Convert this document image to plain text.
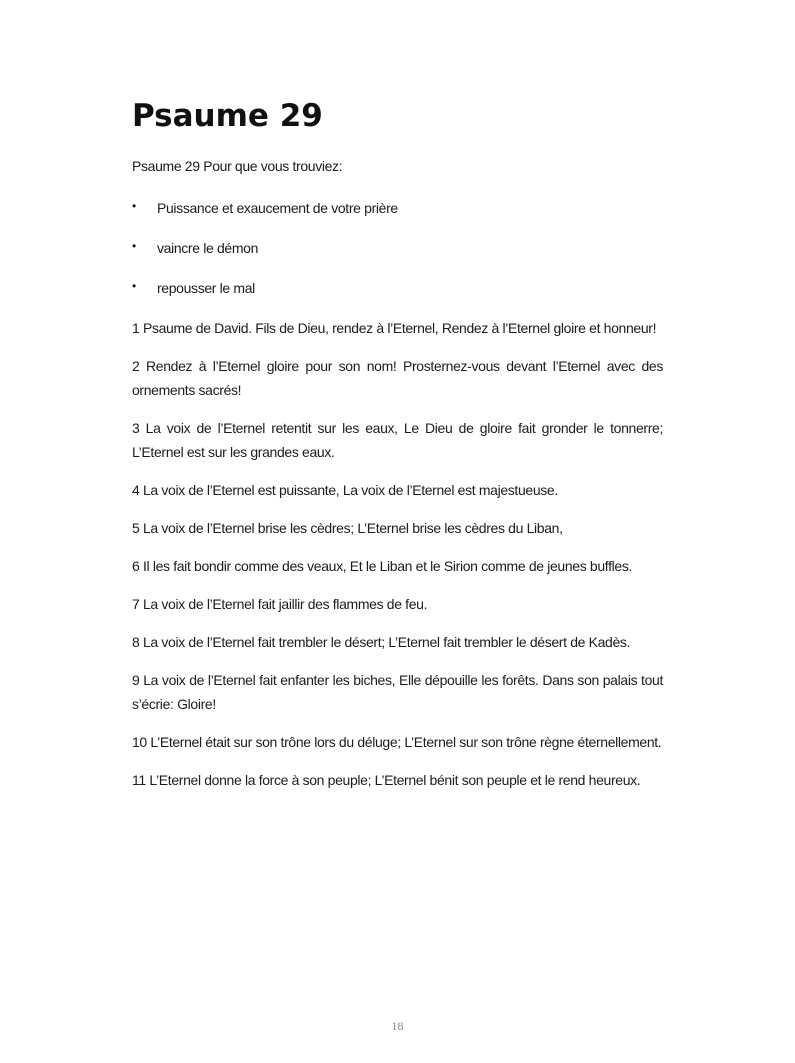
Psaume 29

Psaume 29 Pour que vous trouviez:

• Puissance et exaucement de votre prière
• vaincre le démon
• repousser le mal

1 Psaume de David. Fils de Dieu, rendez à l’Eternel, Rendez à l’Eternel gloire et honneur!

2 Rendez à l’Eternel gloire pour son nom! Prosternez-vous devant l’Eternel avec des ornements sacrés!

3 La voix de l’Eternel retentit sur les eaux, Le Dieu de gloire fait gronder le tonnerre; L’Eternel est sur les grandes eaux.

4 La voix de l’Eternel est puissante, La voix de l’Eternel est majestueuse.

5 La voix de l’Eternel brise les cèdres; L’Eternel brise les cèdres du Liban,

6 Il les fait bondir comme des veaux, Et le Liban et le Sirion comme de jeunes buffles.

7 La voix de l’Eternel fait jaillir des flammes de feu.

8 La voix de l’Eternel fait trembler le désert; L’Eternel fait trembler le désert de Kadès.

9 La voix de l’Eternel fait enfanter les biches, Elle dépouille les forêts. Dans son palais tout s’écrie: Gloire!

10 L’Eternel était sur son trône lors du déluge; L’Eternel sur son trône règne éternellement.

11 L’Eternel donne la force à son peuple; L’Eternel bénit son peuple et le rend heureux.

18
